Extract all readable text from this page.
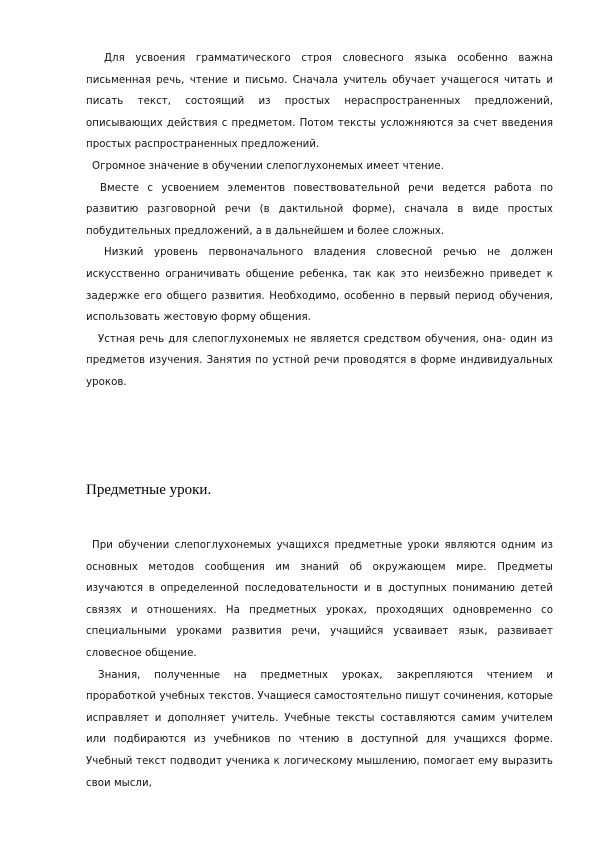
Для усвоения грамматического строя словесного языка особенно важна письменная речь, чтение и письмо. Сначала учитель обучает учащегося читать и писать текст, состоящий из простых нераспространенных предложений, описывающих действия с предметом. Потом тексты усложняются за счет введения простых распространенных предложений.

Огромное значение в обучении слепоглухонемых имеет чтение.

Вместе с усвоением элементов повествовательной речи ведется работа по развитию разговорной речи (в дактильной форме), сначала в виде простых побудительных предложений, а в дальнейшем и более сложных.

Низкий уровень первоначального владения словесной речью не должен искусственно ограничивать общение ребенка, так как это неизбежно приведет к задержке его общего развития. Необходимо, особенно в первый период обучения, использовать жестовую форму общения.

Устная речь для слепоглухонемых не является средством обучения, она- один из предметов изучения. Занятия по устной речи проводятся в форме индивидуальных уроков.

Предметные уроки.

При обучении слепоглухонемых учащихся предметные уроки являются одним из основных методов сообщения им знаний об окружающем мире. Предметы изучаются в определенной последовательности и в доступных пониманию детей связях и отношениях. На предметных уроках, проходящих одновременно со специальными уроками развития речи, учащийся усваивает язык, развивает словесное общение.

Знания, полученные на предметных уроках, закрепляются чтением и проработкой учебных текстов. Учащиеся самостоятельно пишут сочинения, которые исправляет и дополняет учитель. Учебные тексты составляются самим учителем или подбираются из учебников по чтению в доступной для учащихся форме. Учебный текст подводит ученика к логическому мышлению, помогает ему выразить свои мысли,
